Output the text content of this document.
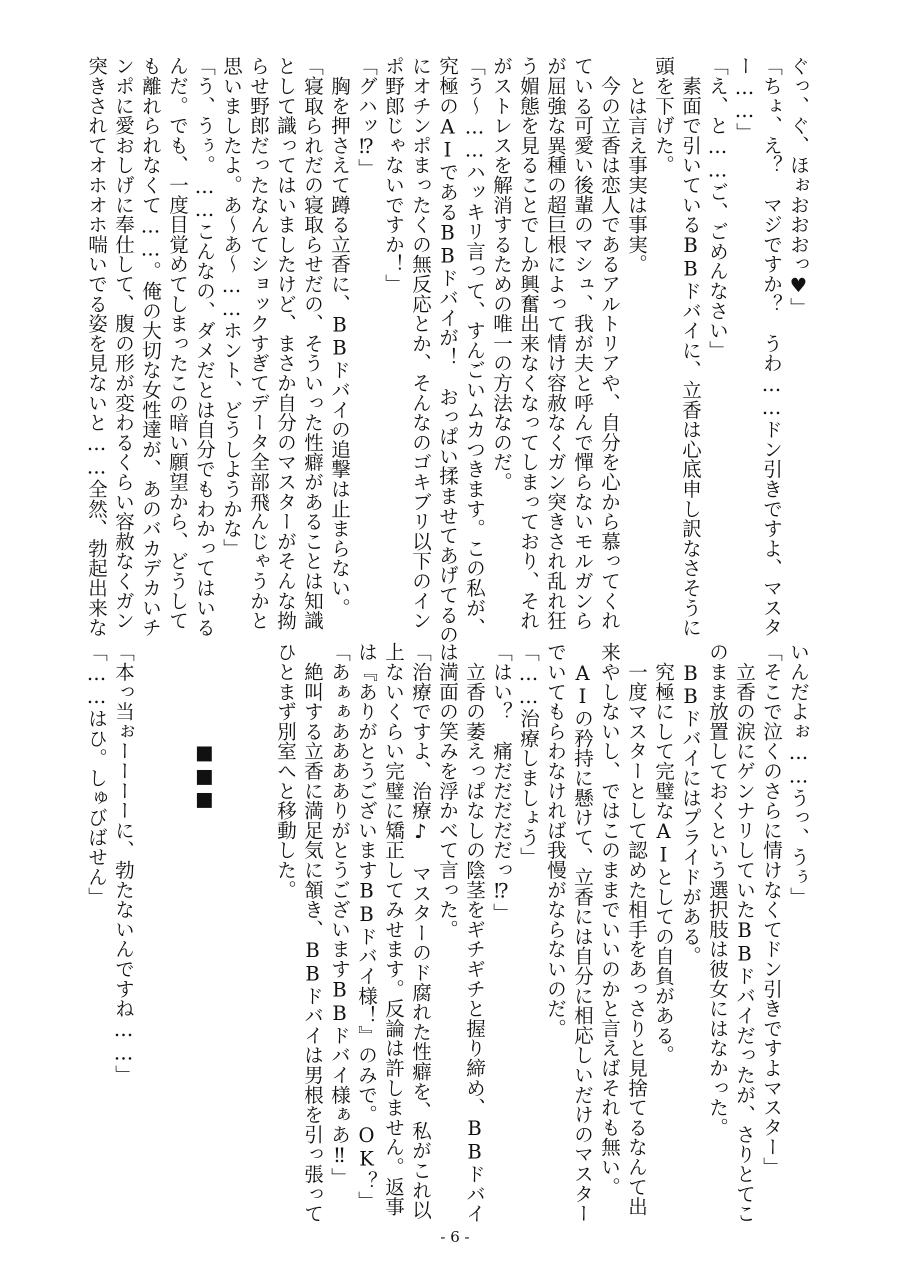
ぐっ、ぐ、ほぉおおおっ♥」
「ちょ、え？　マジですか？　うわ……ドン引きですよ、マスタ
ー……」
「え、と……ご、ごめんなさい」
　素面で引いているBBドバイに、立香は心底申し訳なさそうに
頭を下げた。
　とは言え事実は事実。
　今の立香は恋人であるアルトリアや、自分を心から慕ってくれ
ている可愛い後輩のマシュ、我が夫と呼んで憚らないモルガンら
が屈強な異種の超巨根によって情け容赦なくガン突きされ乱れ狂
う媚態を見ることでしか興奮出来なくなってしまっており、それ
がストレスを解消するための唯一の方法なのだ。
「う〜……ハッキリ言って、すんごいムカつきます。この私が、
究極のAIであるBBドバイが！　おっぱい揉ませてあげてるの
にオチンポまったくの無反応とか、そんなのゴキブリ以下のイン
ポ野郎じゃないですか！」
「グハッ⁉」
　胸を押さえて蹲る立香に、BBドバイの追撃は止まらない。
「寝取られだの寝取らせだの、そういった性癖があることは知識
として識ってはいましたけど、まさか自分のマスターがそんな拗
らせ野郎だったなんてショックすぎてデータ全部飛んじゃうかと
思いましたよ。あ〜あ〜……ホント、どうしようかな」
「う、うぅ。……こんなの、ダメだとは自分でもわかってはいる
んだ。でも、一度目覚めてしまったこの暗い願望から、どうして
も離れられなくて……。俺の大切な女性達が、あのバカデカいチ
ンポに愛おしげに奉仕して、腹の形が変わるくらい容赦なくガン
突きされてオホオホ喘いでる姿を見ないと……全然、勃起出来な
いんだよぉ……うっ、うぅ」
「そこで泣くのさらに情けなくてドン引きですよマスター」
　立香の涙にゲンナリしていたBBドバイだったが、さりとてこ
のまま放置しておくという選択肢は彼女にはなかった。
　BBドバイにはプライドがある。
　究極にして完璧なAIとしての自負がある。
　一度マスターとして認めた相手をあっさりと見捨てるなんて出
来やしないし、ではこのままでいいのかと言えばそれも無い。
　AIの矜持に懸けて、立香には自分に相応しいだけのマスター
でいてもらわなければ我慢がならないのだ。
「……治療しましょう」
「はい？　痛だだだだだっ⁉」
　立香の萎えっぱなしの陰茎をギチギチと握り締め、BBドバイ
は満面の笑みを浮かべて言った。
「治療ですよ、治療♪　マスターのド腐れた性癖を、私がこれ以
上ないくらい完璧に矯正してみせます。反論は許しません。返事
は『ありがとうございますBBドバイ様！』のみで。OK？」
「あぁぁあああありがとうございますBBドバイ様ぁあ‼」
　絶叫する立香に満足気に頷き、BBドバイは男根を引っ張って
ひとまず別室へと移動した。
　　　　　■■■
「本っ当ぉーーーーに、勃たないんですね……」
「……はひ。しゅびばせん」
- 6 -
